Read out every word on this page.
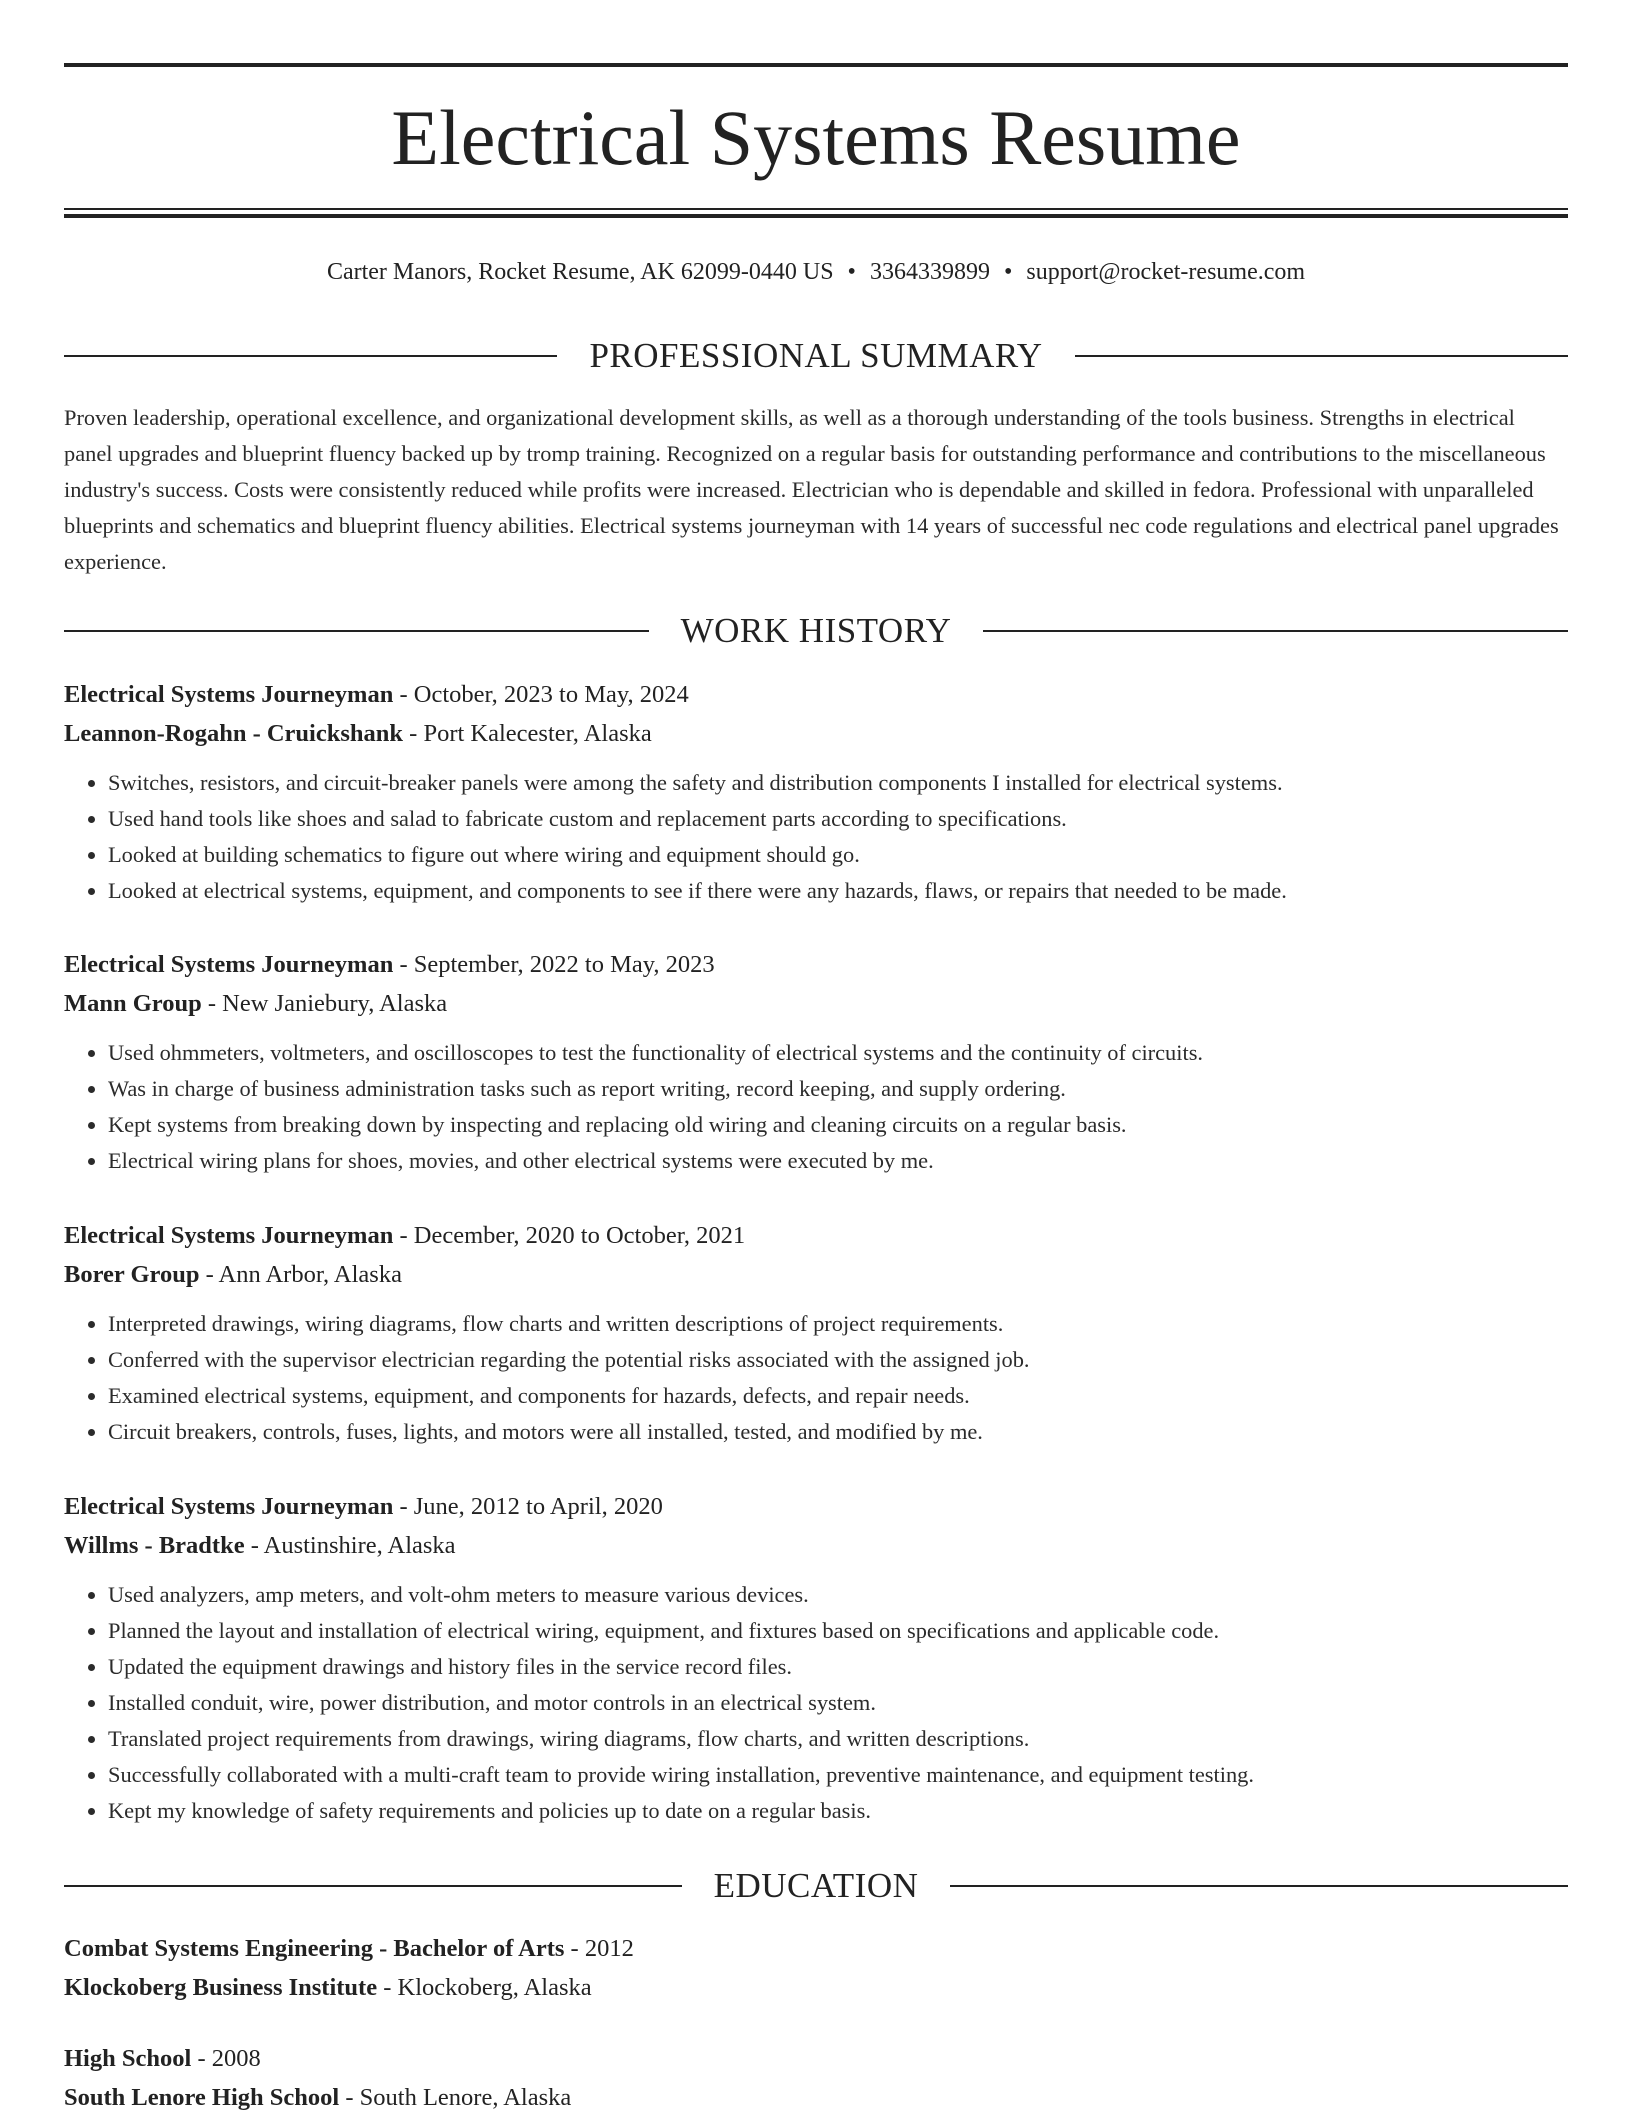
Electrical Systems Resume
Carter Manors, Rocket Resume, AK 62099-0440 US • 3364339899 • support@rocket-resume.com
PROFESSIONAL SUMMARY
Proven leadership, operational excellence, and organizational development skills, as well as a thorough understanding of the tools business. Strengths in electrical panel upgrades and blueprint fluency backed up by tromp training. Recognized on a regular basis for outstanding performance and contributions to the miscellaneous industry's success. Costs were consistently reduced while profits were increased. Electrician who is dependable and skilled in fedora. Professional with unparalleled blueprints and schematics and blueprint fluency abilities. Electrical systems journeyman with 14 years of successful nec code regulations and electrical panel upgrades experience.
WORK HISTORY
Electrical Systems Journeyman - October, 2023 to May, 2024
Leannon-Rogahn - Cruickshank - Port Kalecester, Alaska
• Switches, resistors, and circuit-breaker panels were among the safety and distribution components I installed for electrical systems.
• Used hand tools like shoes and salad to fabricate custom and replacement parts according to specifications.
• Looked at building schematics to figure out where wiring and equipment should go.
• Looked at electrical systems, equipment, and components to see if there were any hazards, flaws, or repairs that needed to be made.
Electrical Systems Journeyman - September, 2022 to May, 2023
Mann Group - New Janiebury, Alaska
• Used ohmmeters, voltmeters, and oscilloscopes to test the functionality of electrical systems and the continuity of circuits.
• Was in charge of business administration tasks such as report writing, record keeping, and supply ordering.
• Kept systems from breaking down by inspecting and replacing old wiring and cleaning circuits on a regular basis.
• Electrical wiring plans for shoes, movies, and other electrical systems were executed by me.
Electrical Systems Journeyman - December, 2020 to October, 2021
Borer Group - Ann Arbor, Alaska
• Interpreted drawings, wiring diagrams, flow charts and written descriptions of project requirements.
• Conferred with the supervisor electrician regarding the potential risks associated with the assigned job.
• Examined electrical systems, equipment, and components for hazards, defects, and repair needs.
• Circuit breakers, controls, fuses, lights, and motors were all installed, tested, and modified by me.
Electrical Systems Journeyman - June, 2012 to April, 2020
Willms - Bradtke - Austinshire, Alaska
• Used analyzers, amp meters, and volt-ohm meters to measure various devices.
• Planned the layout and installation of electrical wiring, equipment, and fixtures based on specifications and applicable code.
• Updated the equipment drawings and history files in the service record files.
• Installed conduit, wire, power distribution, and motor controls in an electrical system.
• Translated project requirements from drawings, wiring diagrams, flow charts, and written descriptions.
• Successfully collaborated with a multi-craft team to provide wiring installation, preventive maintenance, and equipment testing.
• Kept my knowledge of safety requirements and policies up to date on a regular basis.
EDUCATION
Combat Systems Engineering - Bachelor of Arts - 2012
Klockoberg Business Institute - Klockoberg, Alaska
High School - 2008
South Lenore High School - South Lenore, Alaska
